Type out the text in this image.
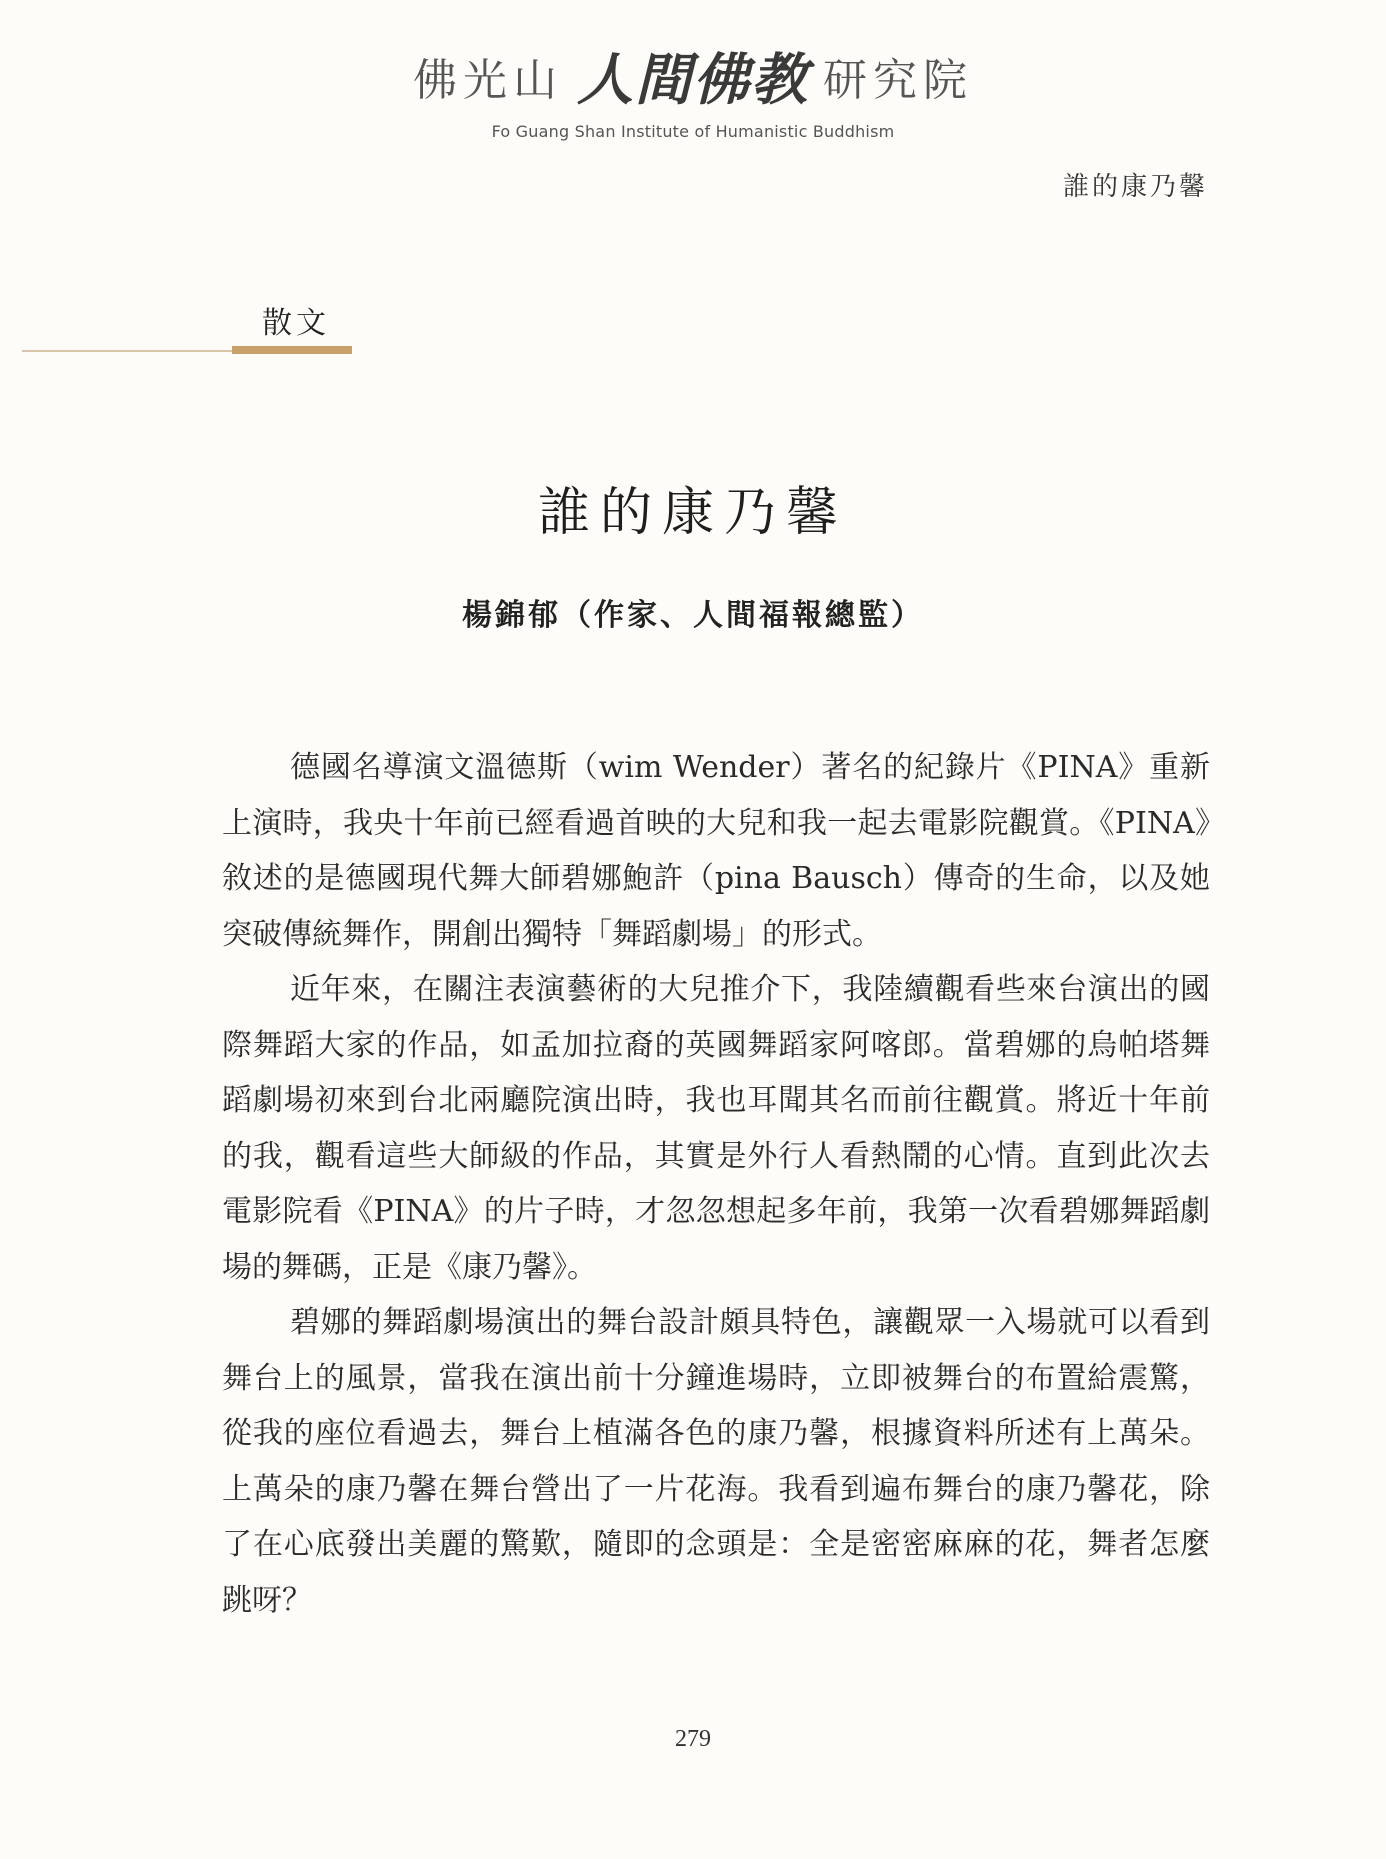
佛光山 人間佛教 研究院
Fo Guang Shan Institute of Humanistic Buddhism
誰的康乃馨
散文
誰的康乃馨
楊錦郁（作家、人間福報總監）

德國名導演文溫德斯（wim Wender）著名的紀錄片《PINA》重新上演時，我央十年前已經看過首映的大兒和我一起去電影院觀賞。《PINA》敘述的是德國現代舞大師碧娜鮑許（pina Bausch）傳奇的生命，以及她突破傳統舞作，開創出獨特「舞蹈劇場」的形式。

近年來，在關注表演藝術的大兒推介下，我陸續觀看些來台演出的國際舞蹈大家的作品，如孟加拉裔的英國舞蹈家阿喀郎。當碧娜的烏帕塔舞蹈劇場初來到台北兩廳院演出時，我也耳聞其名而前往觀賞。將近十年前的我，觀看這些大師級的作品，其實是外行人看熱鬧的心情。直到此次去電影院看《PINA》的片子時，才忽忽想起多年前，我第一次看碧娜舞蹈劇場的舞碼，正是《康乃馨》。

碧娜的舞蹈劇場演出的舞台設計頗具特色，讓觀眾一入場就可以看到舞台上的風景，當我在演出前十分鐘進場時，立即被舞台的布置給震驚，從我的座位看過去，舞台上植滿各色的康乃馨，根據資料所述有上萬朵。上萬朵的康乃馨在舞台營出了一片花海。我看到遍布舞台的康乃馨花，除了在心底發出美麗的驚歎，隨即的念頭是：全是密密麻麻的花，舞者怎麼跳呀？

279
